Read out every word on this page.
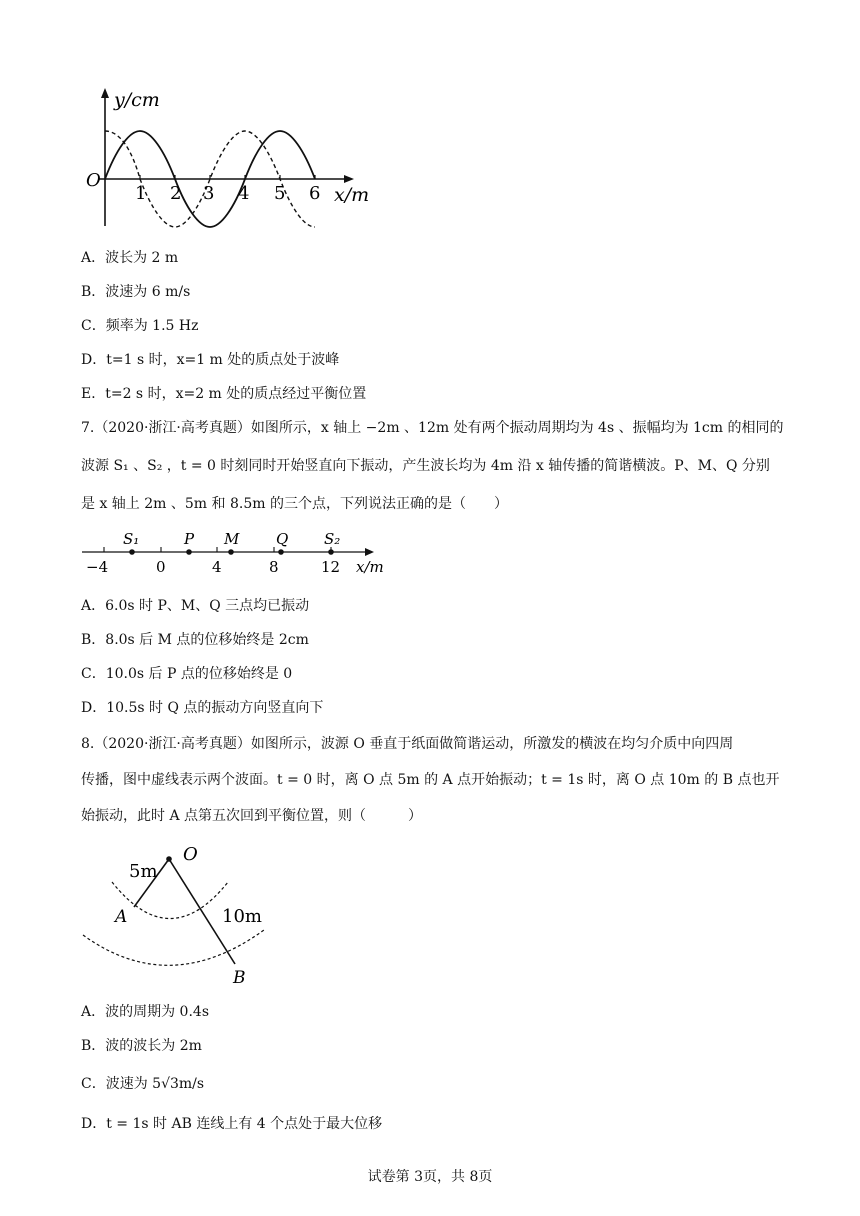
y/cm
x/m
O
1 2 3 4 5 6
A．波长为 2 m
B．波速为 6 m/s
C．频率为 1.5 Hz
D．t=1 s 时，x=1 m 处的质点处于波峰
E．t=2 s 时，x=2 m 处的质点经过平衡位置
7.（2020·浙江·高考真题）如图所示，x 轴上 −2m 、12m 处有两个振动周期均为 4s 、振幅均为 1cm 的相同的
波源 S₁ 、S₂ ，t = 0 时刻同时开始竖直向下振动，产生波长均为 4m 沿 x 轴传播的简谐横波。P、M、Q 分别
是 x 轴上 2m 、5m 和 8.5m 的三个点，下列说法正确的是（　　）
S₁	P M Q S₂
−4	0	4	8	12 x/m
A．6.0s 时 P、M、Q 三点均已振动
B．8.0s 后 M 点的位移始终是 2cm
C．10.0s 后 P 点的位移始终是 0
D．10.5s 时 Q 点的振动方向竖直向下
8.（2020·浙江·高考真题）如图所示，波源 O 垂直于纸面做简谐运动，所激发的横波在均匀介质中向四周
传播，图中虚线表示两个波面。t = 0 时，离 O 点 5m 的 A 点开始振动；t = 1s 时，离 O 点 10m 的 B 点也开
始振动，此时 A 点第五次回到平衡位置，则（　　　）
O
A
B
5m
10m
A．波的周期为 0.4s
B．波的波长为 2m
C．波速为 5√3m/s
D．t = 1s 时 AB 连线上有 4 个点处于最大位移
试卷第 3页，共 8页
